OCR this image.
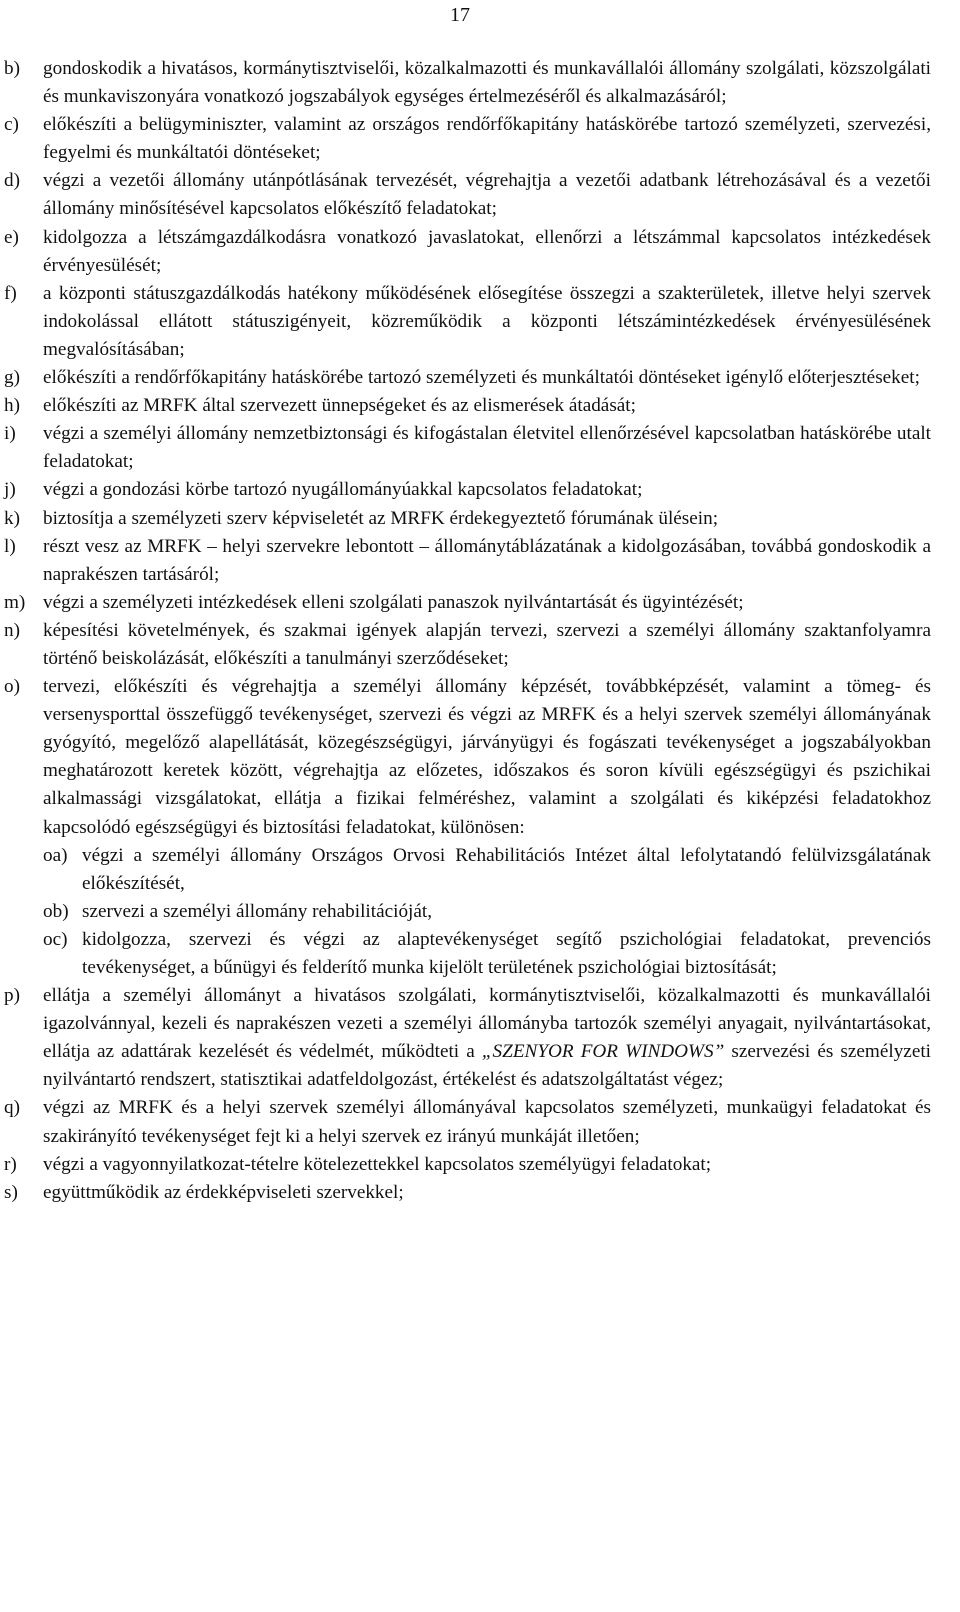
17
b)	gondoskodik a hivatásos, kormánytisztviselői, közalkalmazotti és munkavállalói állomány szolgálati, közszolgálati és munkaviszonyára vonatkozó jogszabályok egységes értelmezéséről és alkalmazásáról;
c)	előkészíti a belügyminiszter, valamint az országos rendőrfőkapitány hatáskörébe tartozó személyzeti, szervezési, fegyelmi és munkáltatói döntéseket;
d)	végzi a vezetői állomány utánpótlásának tervezését, végrehajtja a vezetői adatbank létrehozásával és a vezetői állomány minősítésével kapcsolatos előkészítő feladatokat;
e)	kidolgozza a létszámgazdálkodásra vonatkozó javaslatokat, ellenőrzi a létszámmal kapcsolatos intézkedések érvényesülését;
f)	a központi státuszgazdálkodás hatékony működésének elősegítése összegzi a szakterületek, illetve helyi szervek indokolással ellátott státuszigényeit, közreműködik a központi létszámintézkedések érvényesülésének megvalósításában;
g)	előkészíti a rendőrfőkapitány hatáskörébe tartozó személyzeti és munkáltatói döntéseket igénylő előterjesztéseket;
h)	előkészíti az MRFK által szervezett ünnepségeket és az elismerések átadását;
i)	végzi a személyi állomány nemzetbiztonsági és kifogástalan életvitel ellenőrzésével kapcsolatban hatáskörébe utalt feladatokat;
j)	végzi a gondozási körbe tartozó nyugállományúakkal kapcsolatos feladatokat;
k)	biztosítja a személyzeti szerv képviseletét az MRFK érdekegyeztető fórumának ülésein;
l)	részt vesz az MRFK – helyi szervekre lebontott – állománytáblázatának a kidolgozásában, továbbá gondoskodik a naprakészen tartásáról;
m) végzi a személyzeti intézkedések elleni szolgálati panaszok nyilvántartását és ügyintézését;
n)	képesítési követelmények, és szakmai igények alapján tervezi, szervezi a személyi állomány szaktanfolyamra történő beiskolázását, előkészíti a tanulmányi szerződéseket;
o)	tervezi, előkészíti és végrehajtja a személyi állomány képzését, továbbképzését, valamint a tömeg- és versenysporttal összefüggő tevékenységet, szervezi és végzi az MRFK és a helyi szervek személyi állományának gyógyító, megelőző alapellátását, közegészségügyi, járványügyi és fogászati tevékenységet a jogszabályokban meghatározott keretek között, végrehajtja az előzetes, időszakos és soron kívüli egészségügyi és pszichikai alkalmassági vizsgálatokat, ellátja a fizikai felméréshez, valamint a szolgálati és kiképzési feladatokhoz kapcsolódó egészségügyi és biztosítási feladatokat, különösen:
oa) végzi a személyi állomány Országos Orvosi Rehabilitációs Intézet által lefolytatandó felülvizsgálatának előkészítését,
ob) szervezi a személyi állomány rehabilitációját,
oc) kidolgozza, szervezi és végzi az alaptevékenységet segítő pszichológiai feladatokat, prevenciós tevékenységet, a bűnügyi és felderítő munka kijelölt területének pszichológiai biztosítását;
p)	ellátja a személyi állományt a hivatásos szolgálati, kormánytisztviselői, közalkalmazotti és munkavállalói igazolvánnyal, kezeli és naprakészen vezeti a személyi állományba tartozók személyi anyagait, nyilvántartásokat, ellátja az adattárak kezelését és védelmét, működteti a „SZENYOR FOR WINDOWS” szervezési és személyzeti nyilvántartó rendszert, statisztikai adatfeldolgozást, értékelést és adatszolgáltatást végez;
q)	végzi az MRFK és a helyi szervek személyi állományával kapcsolatos személyzeti, munkaügyi feladatokat és szakirányító tevékenységet fejt ki a helyi szervek ez irányú munkáját illetően;
r)	végzi a vagyonnyilatkozat-tételre kötelezettekkel kapcsolatos személyügyi feladatokat;
s)	együttműködik az érdekképviseleti szervekkel;
